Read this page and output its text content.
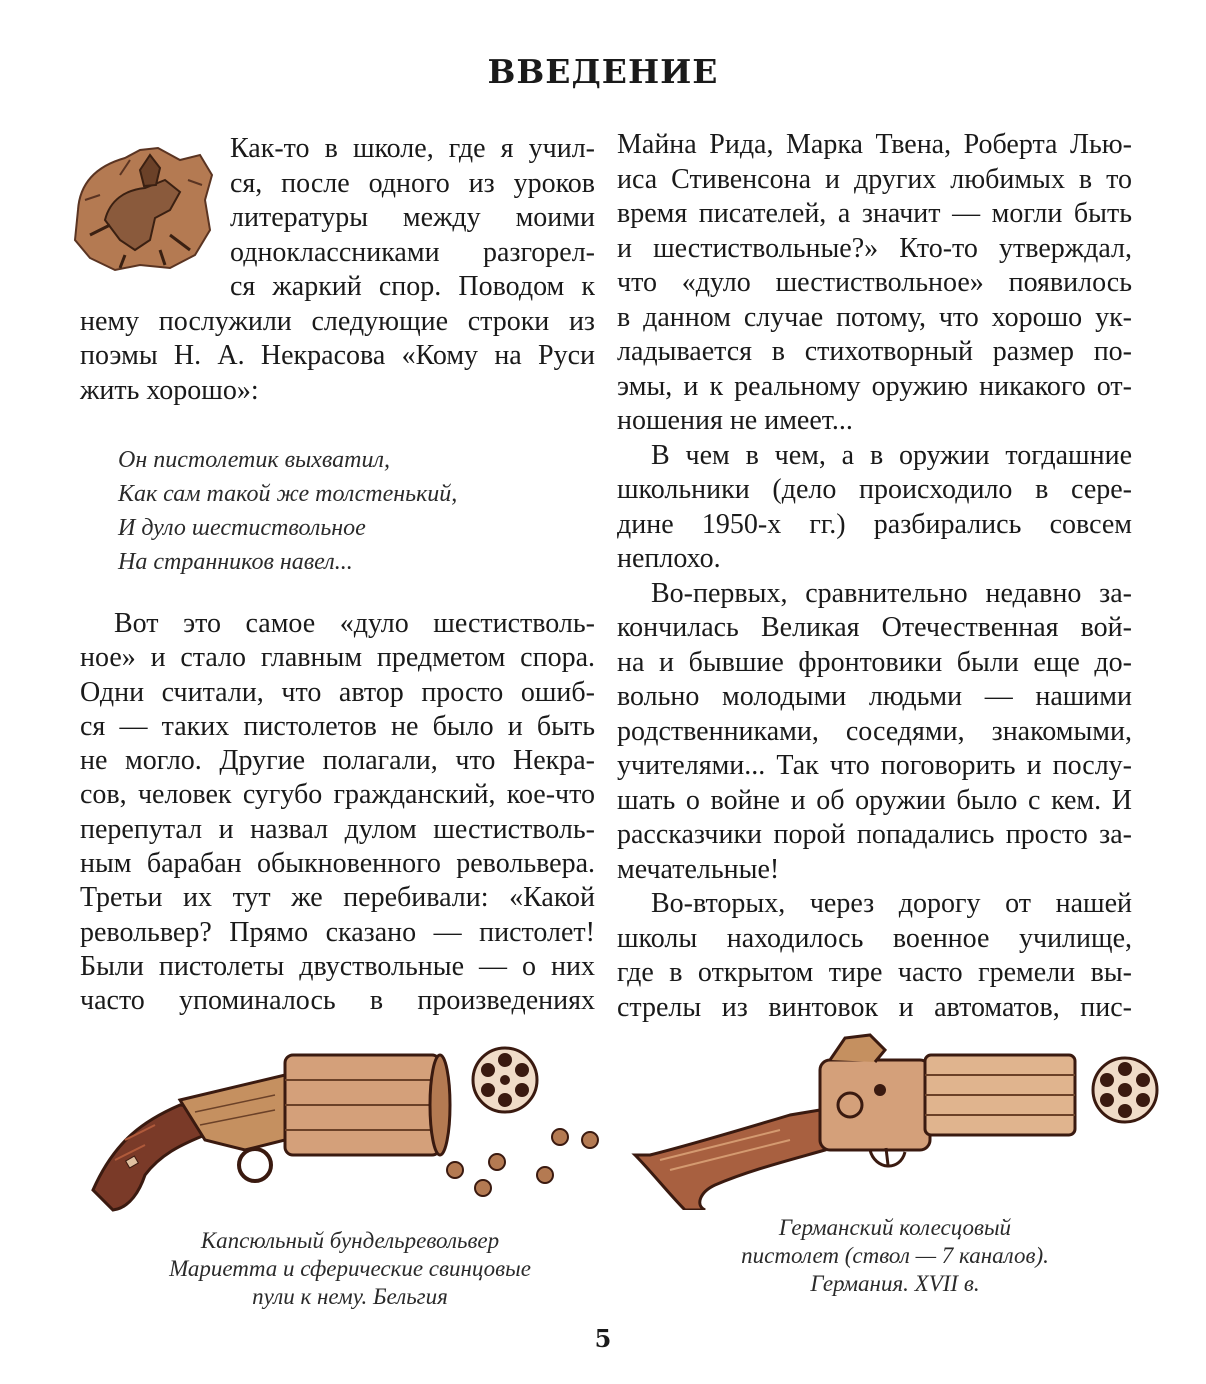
ВВЕДЕНИЕ
Как-то в школе, где я учил-
ся, после одного из уроков
литературы между моими
одноклассниками разгорел-
ся жаркий спор. Поводом к
нему послужили следующие строки из
поэмы Н. А. Некрасова «Кому на Руси
жить хорошо»:
Он пистолетик выхватил,
Как сам такой же толстенький,
И дуло шестиствольное
На странников навел...
Вот это самое «дуло шестистволь-
ное» и стало главным предметом спора.
Одни считали, что автор просто ошиб-
ся — таких пистолетов не было и быть
не могло. Другие полагали, что Некра-
сов, человек сугубо гражданский, кое-что
перепутал и назвал дулом шестистволь-
ным барабан обыкновенного револьвера.
Третьи их тут же перебивали: «Какой
револьвер? Прямо сказано — пистолет!
Были пистолеты двуствольные — о них
часто упоминалось в произведениях
Майна Рида, Марка Твена, Роберта Лью-
иса Стивенсона и других любимых в то
время писателей, а значит — могли быть
и шестиствольные?» Кто-то утверждал,
что «дуло шестиствольное» появилось
в данном случае потому, что хорошо ук-
ладывается в стихотворный размер по-
эмы, и к реальному оружию никакого от-
ношения не имеет...
В чем в чем, а в оружии тогдашние
школьники (дело происходило в сере-
дине 1950-х гг.) разбирались совсем
неплохо.
Во-первых, сравнительно недавно за-
кончилась Великая Отечественная вой-
на и бывшие фронтовики были еще до-
вольно молодыми людьми — нашими
родственниками, соседями, знакомыми,
учителями... Так что поговорить и послу-
шать о войне и об оружии было с кем. И
рассказчики порой попадались просто за-
мечательные!
Во-вторых, через дорогу от нашей
школы находилось военное училище,
где в открытом тире часто гремели вы-
стрелы из винтовок и автоматов, пис-
Капсюльный бундельревольвер
Мариетта и сферические свинцовые
пули к нему. Бельгия
Германский колесцовый
пистолет (ствол — 7 каналов).
Германия. XVII в.
5
